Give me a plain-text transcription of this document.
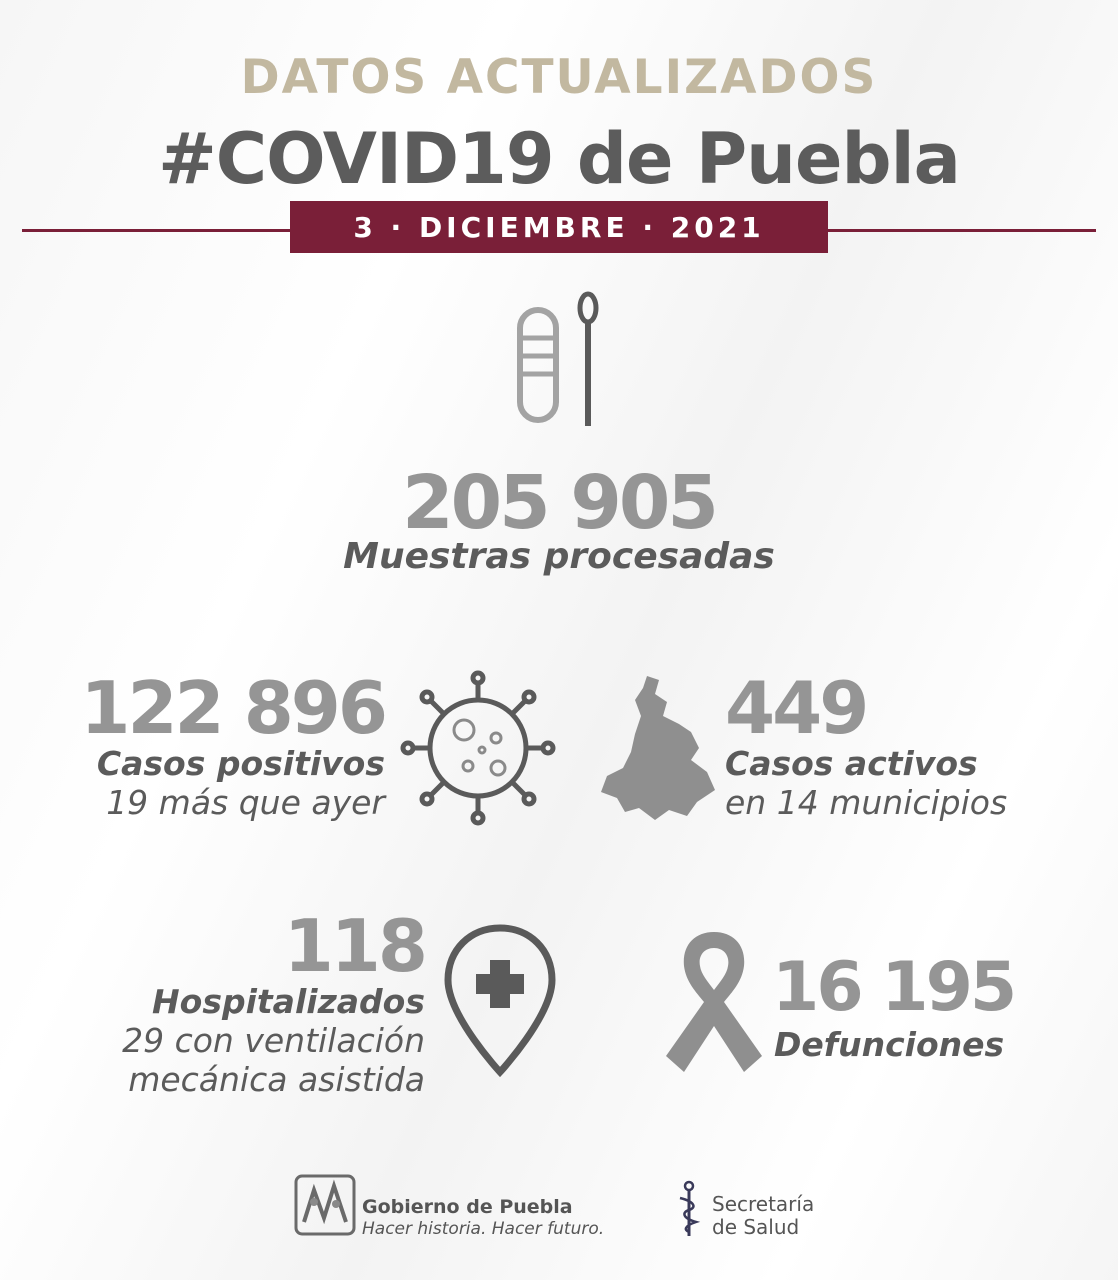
DATOS ACTUALIZADOS
#COVID19 de Puebla
3 · DICIEMBRE · 2021
205 905
Muestras procesadas
122 896
Casos positivos
19 más que ayer
449
Casos activos
en 14 municipios
118
Hospitalizados
29 con ventilación
mecánica asistida
16 195
Defunciones
Gobierno de Puebla
Hacer historia. Hacer futuro.
Secretaría
de Salud
